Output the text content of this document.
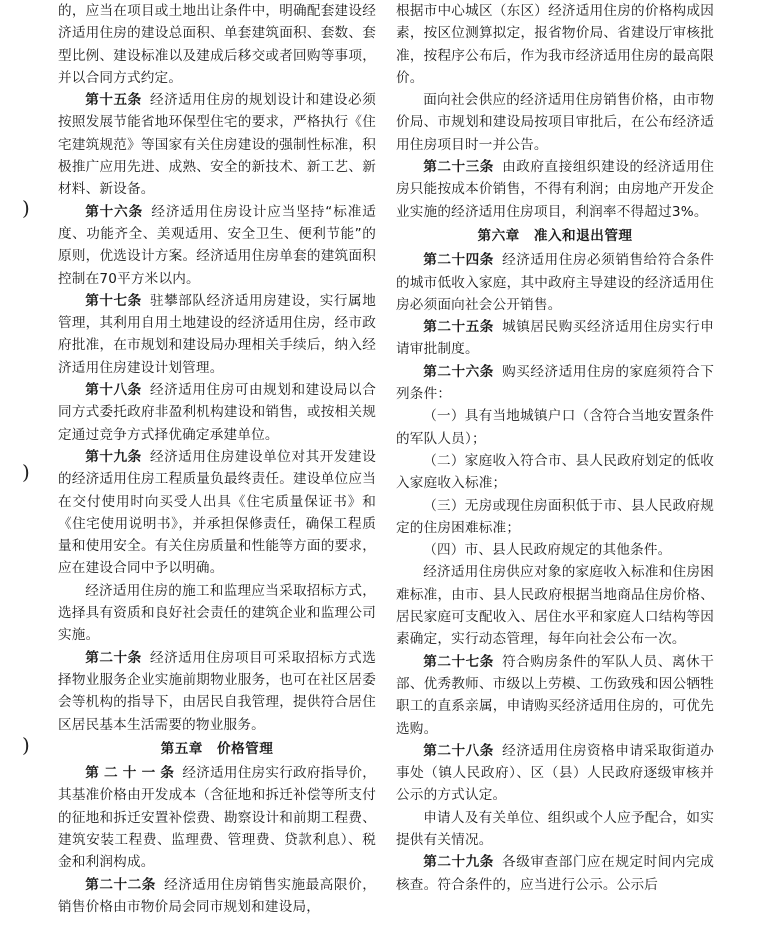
)
)
)

的，应当在项目或土地出让条件中，明确配套建设经济适用住房的建设总面积、单套建筑面积、套数、套型比例、建设标准以及建成后移交或者回购等事项，并以合同方式约定。

第十五条 经济适用住房的规划设计和建设必须按照发展节能省地环保型住宅的要求，严格执行《住宅建筑规范》等国家有关住房建设的强制性标准，积极推广应用先进、成熟、安全的新技术、新工艺、新材料、新设备。

第十六条 经济适用住房设计应当坚持“标准适度、功能齐全、美观适用、安全卫生、便利节能”的原则，优选设计方案。经济适用住房单套的建筑面积控制在70平方米以内。

第十七条 驻攀部队经济适用房建设，实行属地管理，其利用自用土地建设的经济适用住房，经市政府批准，在市规划和建设局办理相关手续后，纳入经济适用住房建设计划管理。

第十八条 经济适用住房可由规划和建设局以合同方式委托政府非盈利机构建设和销售，或按相关规定通过竞争方式择优确定承建单位。

第十九条 经济适用住房建设单位对其开发建设的经济适用住房工程质量负最终责任。建设单位应当在交付使用时向买受人出具《住宅质量保证书》和《住宅使用说明书》，并承担保修责任，确保工程质量和使用安全。有关住房质量和性能等方面的要求，应在建设合同中予以明确。

经济适用住房的施工和监理应当采取招标方式，选择具有资质和良好社会责任的建筑企业和监理公司实施。

第二十条 经济适用住房项目可采取招标方式选择物业服务企业实施前期物业服务，也可在社区居委会等机构的指导下，由居民自我管理，提供符合居住区居民基本生活需要的物业服务。

第五章　价格管理

第 二 十 一 条 经济适用住房实行政府指导价，其基准价格由开发成本（含征地和拆迁补偿等所支付的征地和拆迁安置补偿费、勘察设计和前期工程费、建筑安装工程费、监理费、管理费、贷款利息）、税金和利润构成。

第二十二条 经济适用住房销售实施最高限价，销售价格由市物价局会同市规划和建设局，

根据市中心城区（东区）经济适用住房的价格构成因素，按区位测算拟定，报省物价局、省建设厅审核批准，按程序公布后，作为我市经济适用住房的最高限价。

面向社会供应的经济适用住房销售价格，由市物价局、市规划和建设局按项目审批后，在公布经济适用住房项目时一并公告。

第二十三条 由政府直接组织建设的经济适用住房只能按成本价销售，不得有利润；由房地产开发企业实施的经济适用住房项目，利润率不得超过3%。

第六章　准入和退出管理

第二十四条 经济适用住房必须销售给符合条件的城市低收入家庭，其中政府主导建设的经济适用住房必须面向社会公开销售。

第二十五条 城镇居民购买经济适用住房实行申请审批制度。

第二十六条 购买经济适用住房的家庭须符合下列条件：

（一）具有当地城镇户口（含符合当地安置条件的军队人员）；

（二）家庭收入符合市、县人民政府划定的低收入家庭收入标准；

（三）无房或现住房面积低于市、县人民政府规定的住房困难标准；

（四）市、县人民政府规定的其他条件。

经济适用住房供应对象的家庭收入标准和住房困难标准，由市、县人民政府根据当地商品住房价格、居民家庭可支配收入、居住水平和家庭人口结构等因素确定，实行动态管理，每年向社会公布一次。

第二十七条 符合购房条件的军队人员、离休干部、优秀教师、市级以上劳模、工伤致残和因公牺牲职工的直系亲属，申请购买经济适用住房的，可优先选购。

第二十八条 经济适用住房资格申请采取街道办事处（镇人民政府）、区（县）人民政府逐级审核并公示的方式认定。

申请人及有关单位、组织或个人应予配合，如实提供有关情况。

第二十九条 各级审查部门应在规定时间内完成核查。符合条件的，应当进行公示。公示后
